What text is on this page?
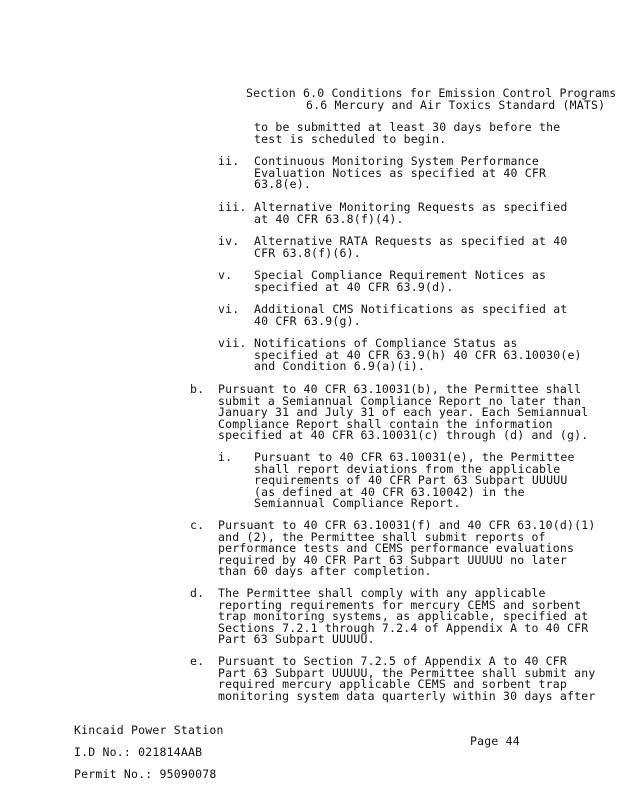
Section 6.0 Conditions for Emission Control Programs
6.6 Mercury and Air Toxics Standard (MATS)
to be submitted at least 30 days before the
test is scheduled to begin.
ii. Continuous Monitoring System Performance
Evaluation Notices as specified at 40 CFR
63.8(e).
iii. Alternative Monitoring Requests as specified
at 40 CFR 63.8(f)(4).
iv. Alternative RATA Requests as specified at 40
CFR 63.8(f)(6).
v. Special Compliance Requirement Notices as
specified at 40 CFR 63.9(d).
vi. Additional CMS Notifications as specified at
40 CFR 63.9(g).
vii. Notifications of Compliance Status as
specified at 40 CFR 63.9(h) 40 CFR 63.10030(e)
and Condition 6.9(a)(i).
b. Pursuant to 40 CFR 63.10031(b), the Permittee shall
submit a Semiannual Compliance Report no later than
January 31 and July 31 of each year. Each Semiannual
Compliance Report shall contain the information
specified at 40 CFR 63.10031(c) through (d) and (g).
i. Pursuant to 40 CFR 63.10031(e), the Permittee
shall report deviations from the applicable
requirements of 40 CFR Part 63 Subpart UUUUU
(as defined at 40 CFR 63.10042) in the
Semiannual Compliance Report.
c. Pursuant to 40 CFR 63.10031(f) and 40 CFR 63.10(d)(1)
and (2), the Permittee shall submit reports of
performance tests and CEMS performance evaluations
required by 40 CFR Part 63 Subpart UUUUU no later
than 60 days after completion.
d. The Permittee shall comply with any applicable
reporting requirements for mercury CEMS and sorbent
trap monitoring systems, as applicable, specified at
Sections 7.2.1 through 7.2.4 of Appendix A to 40 CFR
Part 63 Subpart UUUUU.
e. Pursuant to Section 7.2.5 of Appendix A to 40 CFR
Part 63 Subpart UUUUU, the Permittee shall submit any
required mercury applicable CEMS and sorbent trap
monitoring system data quarterly within 30 days after

Kincaid Power Station

I.D No.: 021814AAB

Permit No.: 95090078

Page 44
